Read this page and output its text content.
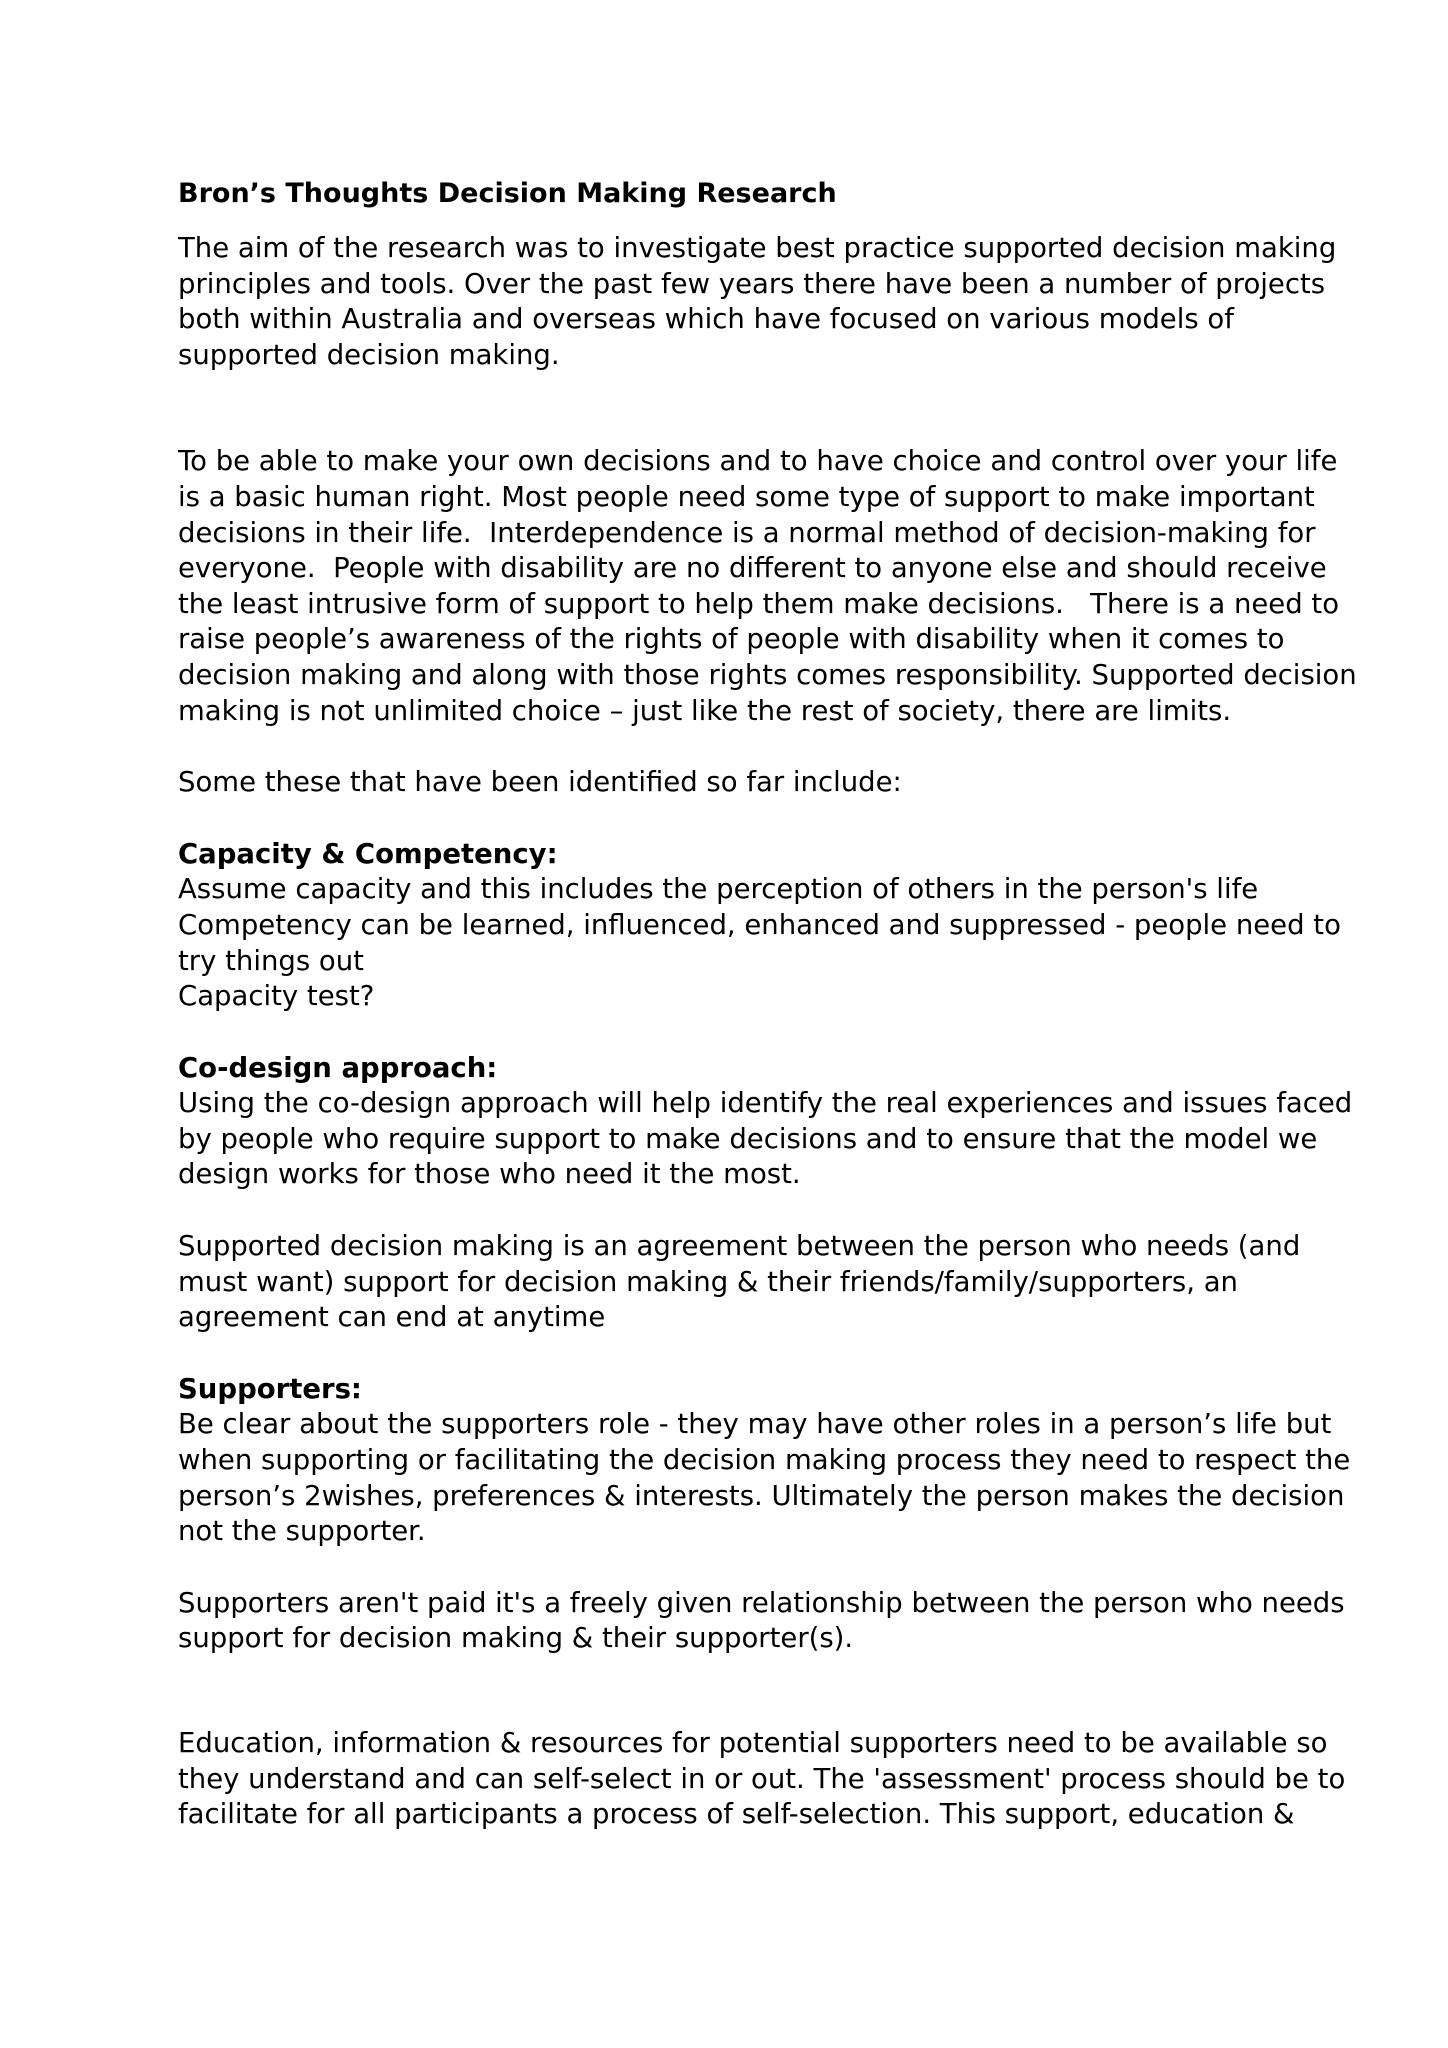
Bron’s Thoughts Decision Making Research

The aim of the research was to investigate best practice supported decision making
principles and tools. Over the past few years there have been a number of projects
both within Australia and overseas which have focused on various models of
supported decision making.

To be able to make your own decisions and to have choice and control over your life
is a basic human right. Most people need some type of support to make important
decisions in their life.  Interdependence is a normal method of decision-making for
everyone.  People with disability are no different to anyone else and should receive
the least intrusive form of support to help them make decisions.   There is a need to
raise people’s awareness of the rights of people with disability when it comes to
decision making and along with those rights comes responsibility. Supported decision
making is not unlimited choice – just like the rest of society, there are limits.

Some these that have been identified so far include:

Capacity & Competency:

Assume capacity and this includes the perception of others in the person's life
Competency can be learned, influenced, enhanced and suppressed - people need to
try things out
Capacity test?

Co-design approach:

Using the co-design approach will help identify the real experiences and issues faced
by people who require support to make decisions and to ensure that the model we
design works for those who need it the most.

Supported decision making is an agreement between the person who needs (and
must want) support for decision making & their friends/family/supporters, an
agreement can end at anytime

Supporters:

Be clear about the supporters role - they may have other roles in a person’s life but
when supporting or facilitating the decision making process they need to respect the
person’s 2wishes, preferences & interests. Ultimately the person makes the decision
not the supporter.

Supporters aren't paid it's a freely given relationship between the person who needs
support for decision making & their supporter(s).

Education, information & resources for potential supporters need to be available so
they understand and can self-select in or out. The 'assessment' process should be to
facilitate for all participants a process of self-selection. This support, education &
